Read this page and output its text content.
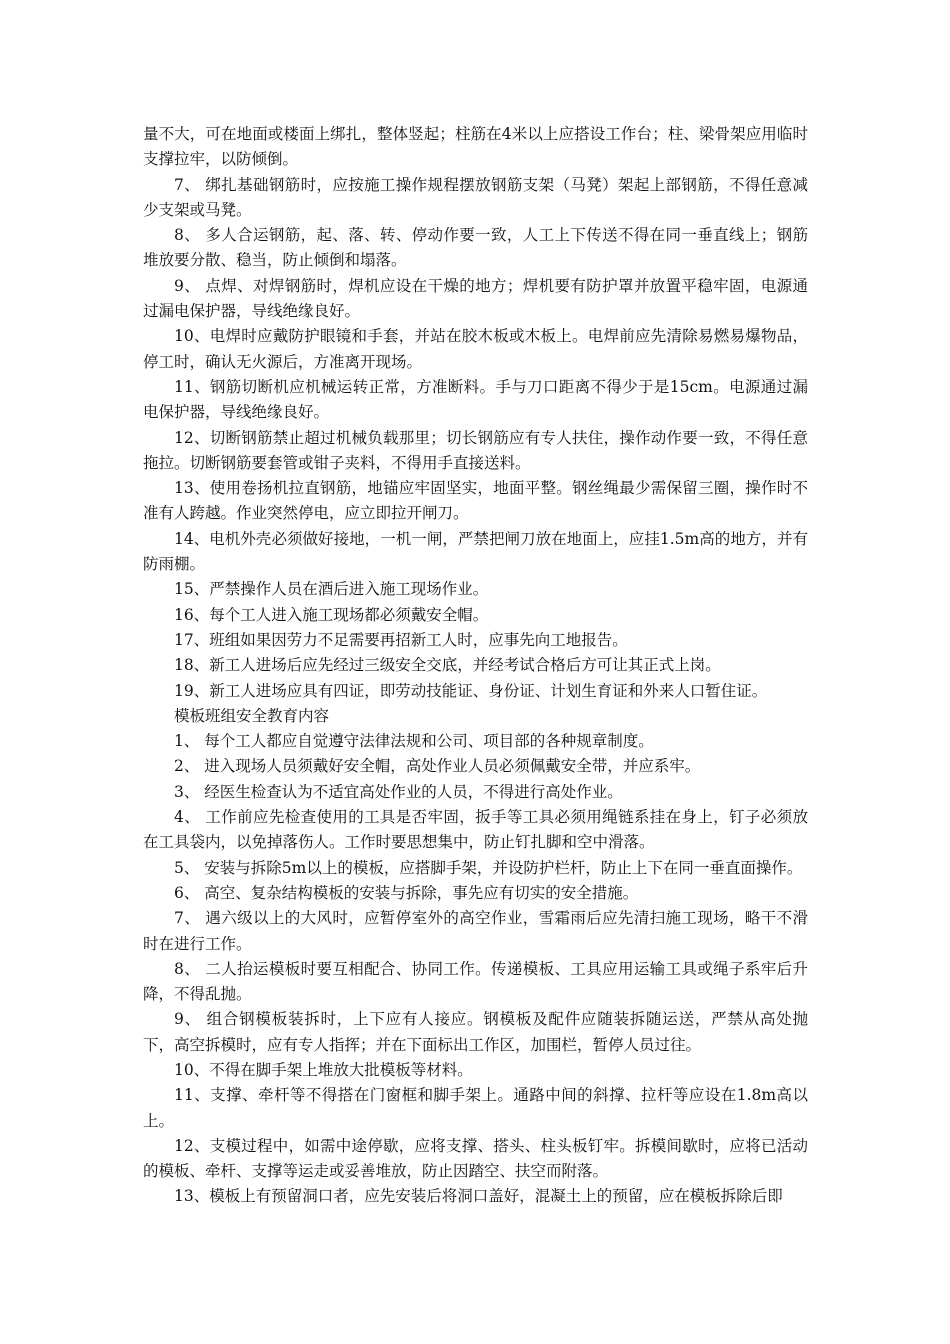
量不大，可在地面或楼面上绑扎，整体竖起；柱筋在4米以上应搭设工作台；柱、梁骨架应用临时支撑拉牢，以防倾倒。

7、 绑扎基础钢筋时，应按施工操作规程摆放钢筋支架（马凳）架起上部钢筋，不得任意减少支架或马凳。

8、 多人合运钢筋，起、落、转、停动作要一致，人工上下传送不得在同一垂直线上；钢筋堆放要分散、稳当，防止倾倒和塌落。

9、 点焊、对焊钢筋时，焊机应设在干燥的地方；焊机要有防护罩并放置平稳牢固，电源通过漏电保护器，导线绝缘良好。

10、电焊时应戴防护眼镜和手套，并站在胶木板或木板上。电焊前应先清除易燃易爆物品，停工时，确认无火源后，方准离开现场。

11、钢筋切断机应机械运转正常，方准断料。手与刀口距离不得少于是15cm。电源通过漏电保护器，导线绝缘良好。

12、切断钢筋禁止超过机械负载那里；切长钢筋应有专人扶住，操作动作要一致，不得任意拖拉。切断钢筋要套管或钳子夹料，不得用手直接送料。

13、使用卷扬机拉直钢筋，地锚应牢固坚实，地面平整。钢丝绳最少需保留三圈，操作时不准有人跨越。作业突然停电，应立即拉开闸刀。

14、电机外壳必须做好接地，一机一闸，严禁把闸刀放在地面上，应挂1.5m高的地方，并有防雨棚。

15、严禁操作人员在酒后进入施工现场作业。

16、每个工人进入施工现场都必须戴安全帽。

17、班组如果因劳力不足需要再招新工人时，应事先向工地报告。

18、新工人进场后应先经过三级安全交底，并经考试合格后方可让其正式上岗。

19、新工人进场应具有四证，即劳动技能证、身份证、计划生育证和外来人口暂住证。

模板班组安全教育内容

1、 每个工人都应自觉遵守法律法规和公司、项目部的各种规章制度。

2、 进入现场人员须戴好安全帽，高处作业人员必须佩戴安全带，并应系牢。

3、 经医生检查认为不适宜高处作业的人员，不得进行高处作业。

4、 工作前应先检查使用的工具是否牢固，扳手等工具必须用绳链系挂在身上，钉子必须放在工具袋内，以免掉落伤人。工作时要思想集中，防止钉扎脚和空中滑落。

5、 安装与拆除5m以上的模板，应搭脚手架，并设防护栏杆，防止上下在同一垂直面操作。

6、 高空、复杂结构模板的安装与拆除，事先应有切实的安全措施。

7、 遇六级以上的大风时，应暂停室外的高空作业，雪霜雨后应先清扫施工现场，略干不滑时在进行工作。

8、 二人抬运模板时要互相配合、协同工作。传递模板、工具应用运输工具或绳子系牢后升降，不得乱抛。

9、 组合钢模板装拆时，上下应有人接应。钢模板及配件应随装拆随运送，严禁从高处抛下，高空拆模时，应有专人指挥；并在下面标出工作区，加围栏，暂停人员过往。

10、不得在脚手架上堆放大批模板等材料。

11、支撑、牵杆等不得搭在门窗框和脚手架上。通路中间的斜撑、拉杆等应设在1.8m高以上。

12、支模过程中，如需中途停歇，应将支撑、搭头、柱头板钉牢。拆模间歇时，应将已活动的模板、牵杆、支撑等运走或妥善堆放，防止因踏空、扶空而附落。

13、模板上有预留洞口者，应先安装后将洞口盖好，混凝土上的预留，应在模板拆除后即
